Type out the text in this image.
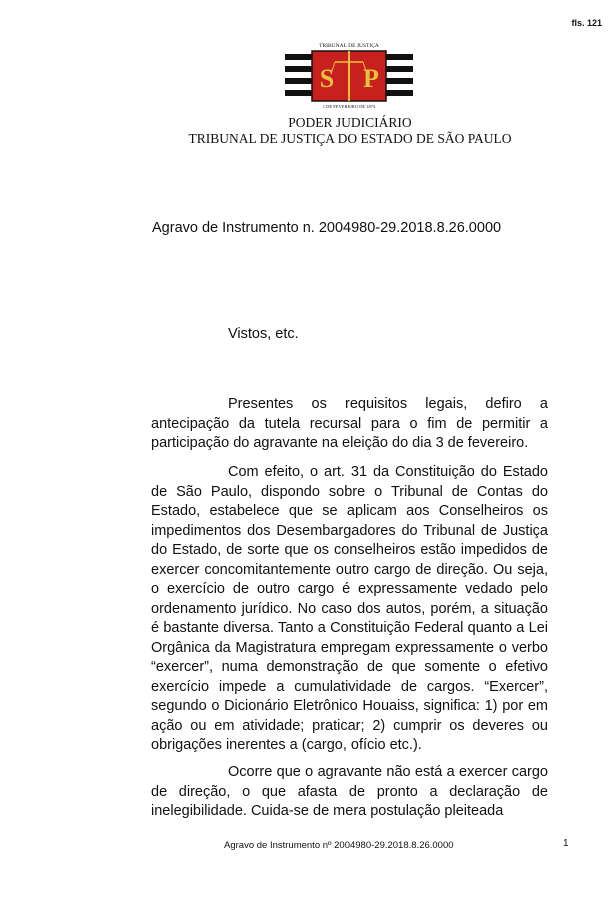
fls. 121
S P
TRIBUNAL DE JUSTIÇA
1 DE FEVEREIRO DE 1874
PODER JUDICIÁRIO
TRIBUNAL DE JUSTIÇA DO ESTADO DE SÃO PAULO
Agravo de Instrumento n. 2004980-29.2018.8.26.0000
Vistos, etc.

Presentes os requisitos legais, defiro a antecipação da tutela recursal para o fim de permitir a participação do agravante na eleição do dia 3 de fevereiro.

Com efeito, o art. 31 da Constituição do Estado de São Paulo, dispondo sobre o Tribunal de Contas do Estado, estabelece que se aplicam aos Conselheiros os impedimentos dos Desembargadores do Tribunal de Justiça do Estado, de sorte que os conselheiros estão impedidos de exercer concomitantemente outro cargo de direção. Ou seja, o exercício de outro cargo é expressamente vedado pelo ordenamento jurídico. No caso dos autos, porém, a situação é bastante diversa. Tanto a Constituição Federal quanto a Lei Orgânica da Magistratura empregam expressamente o verbo “exercer”, numa demonstração de que somente o efetivo exercício impede a cumulatividade de cargos. “Exercer”, segundo o Dicionário Eletrônico Houaiss, significa: 1) por em ação ou em atividade; praticar; 2) cumprir os deveres ou obrigações inerentes a (cargo, ofício etc.).

Ocorre que o agravante não está a exercer cargo de direção, o que afasta de pronto a declaração de inelegibilidade. Cuida-se de mera postulação pleiteada

Agravo de Instrumento nº 2004980-29.2018.8.26.0000	1
